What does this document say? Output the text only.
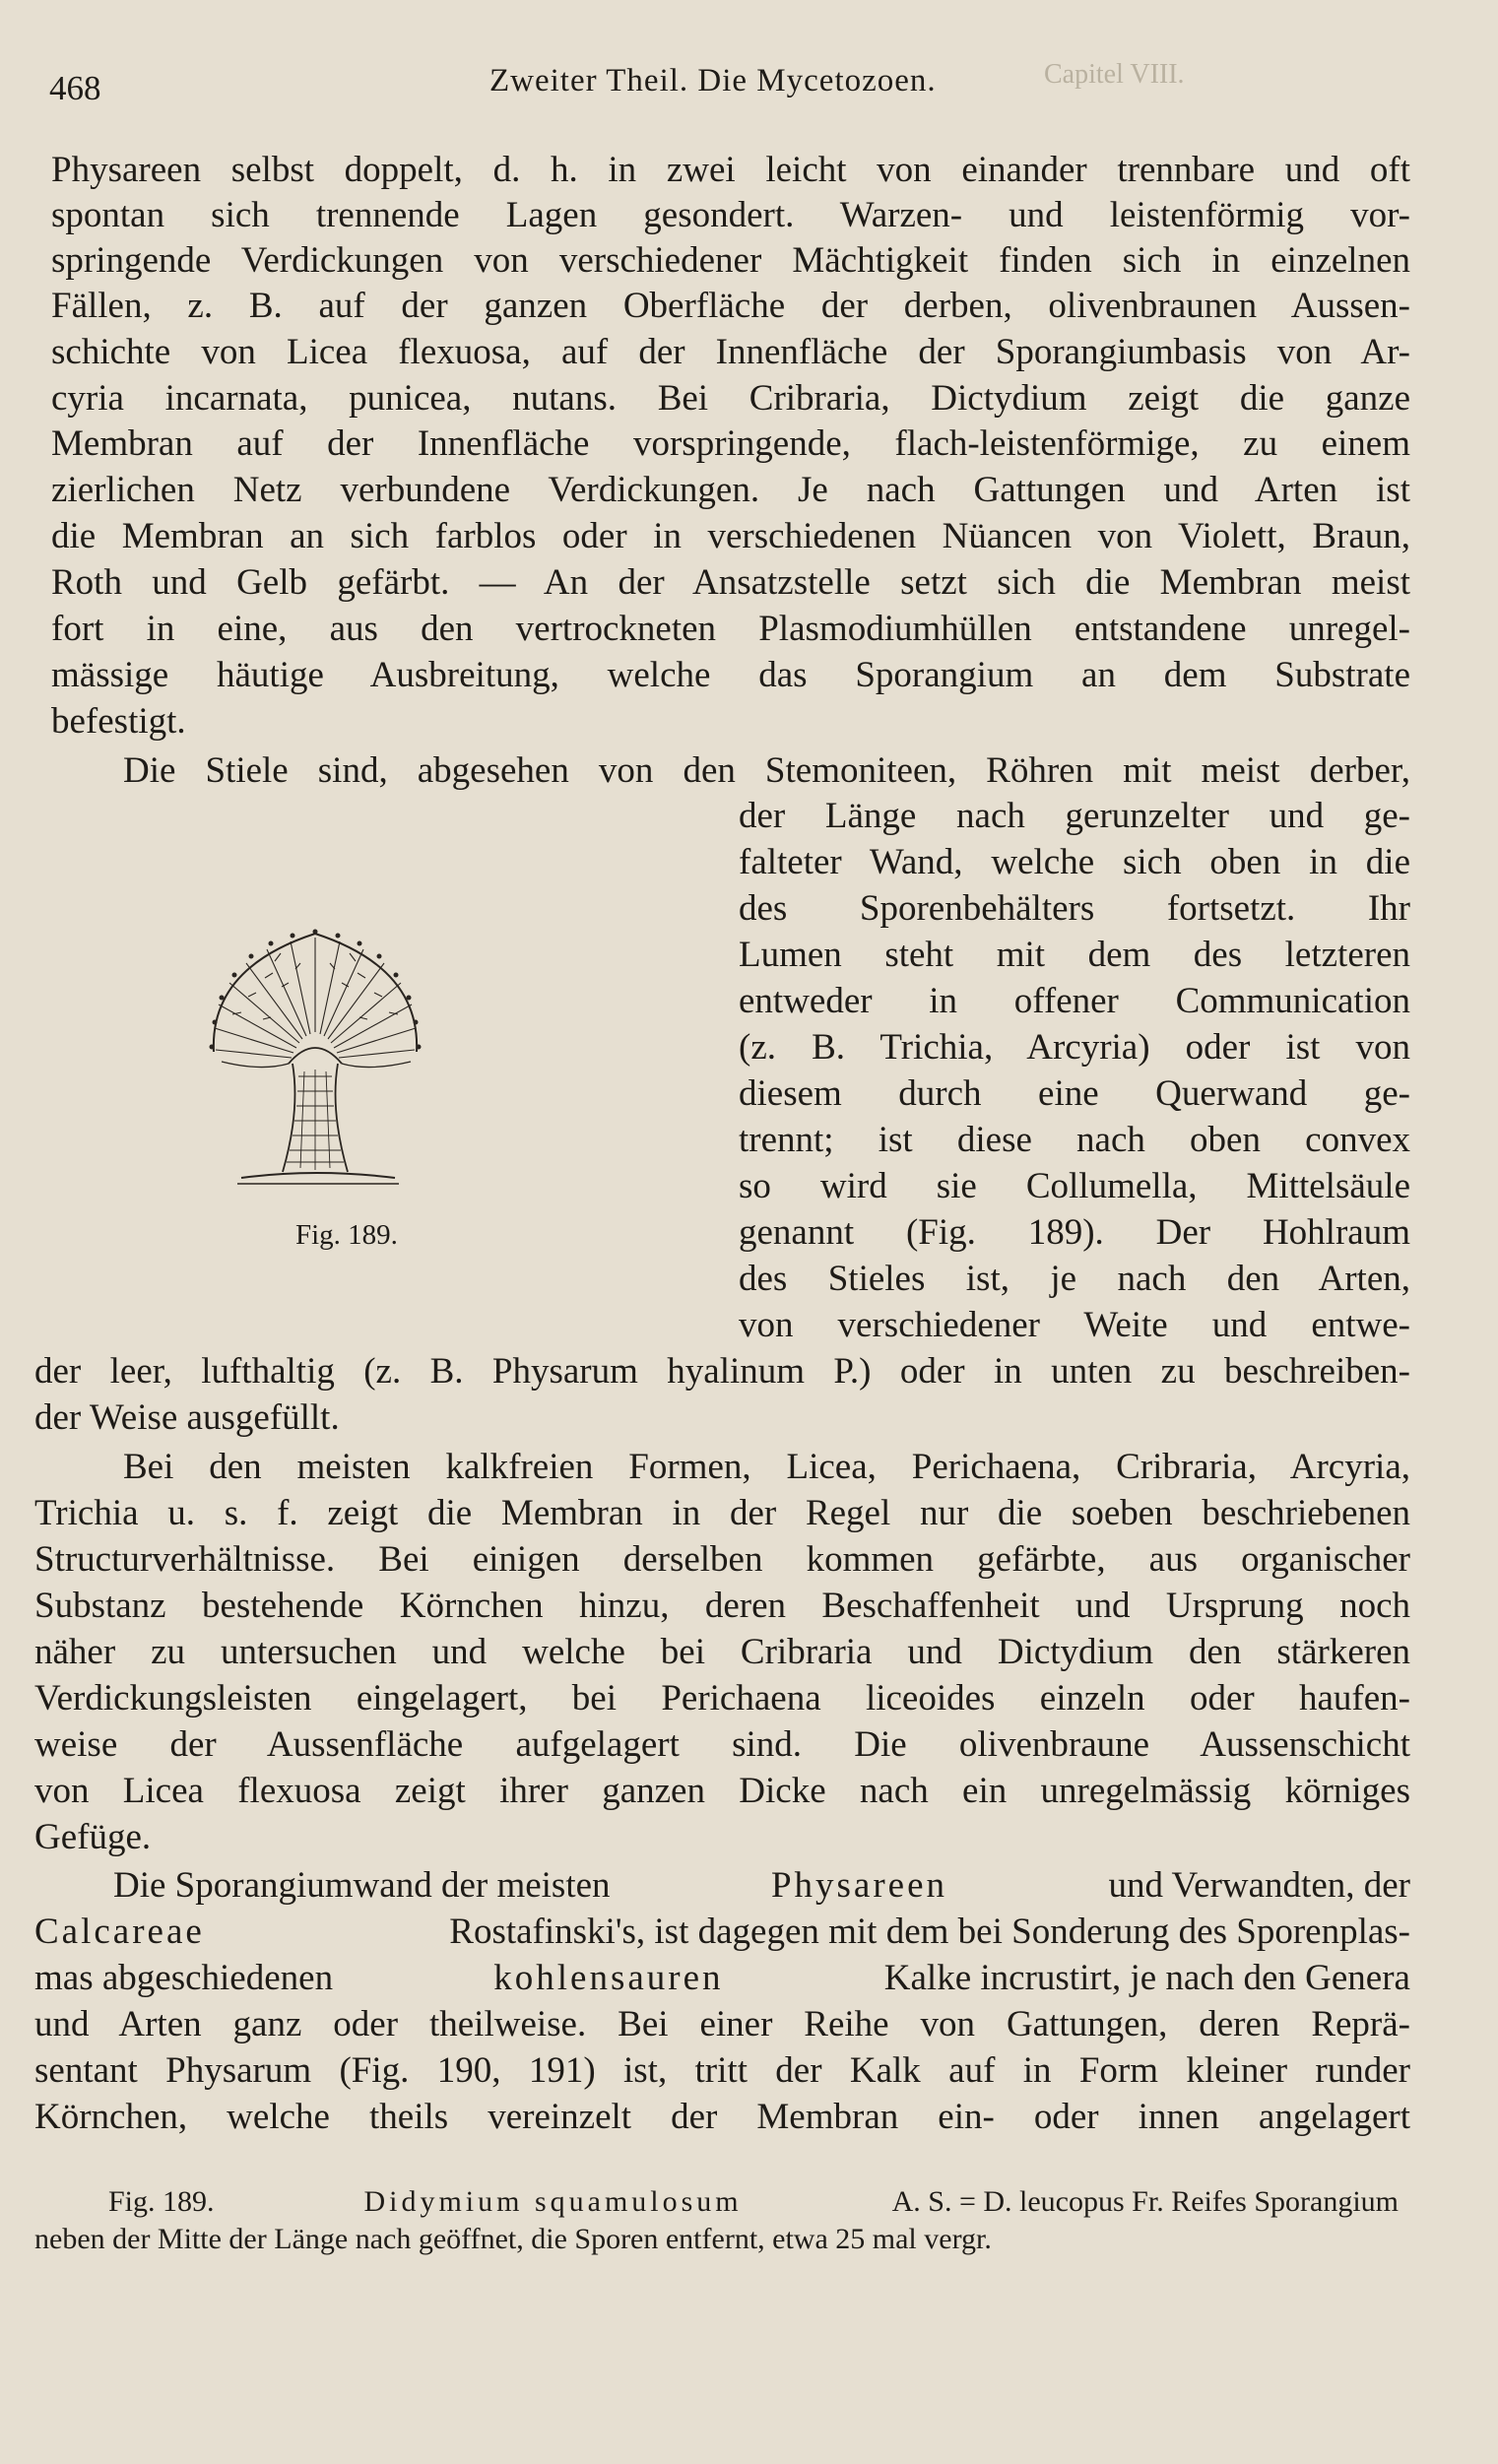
468	Zweiter Theil. Die Mycetozoen.	Capitel VIII.
Physareen selbst doppelt, d. h. in zwei leicht von einander trennbare und oft
spontan sich trennende Lagen gesondert. Warzen- und leistenförmig vor-
springende Verdickungen von verschiedener Mächtigkeit finden sich in einzelnen
Fällen, z. B. auf der ganzen Oberfläche der derben, olivenbraunen Aussen-
schichte von Licea flexuosa, auf der Innenfläche der Sporangiumbasis von Ar-
cyria incarnata, punicea, nutans. Bei Cribraria, Dictydium zeigt die ganze
Membran auf der Innenfläche vorspringende, flach-leistenförmige, zu einem
zierlichen Netz verbundene Verdickungen. Je nach Gattungen und Arten ist
die Membran an sich farblos oder in verschiedenen Nüancen von Violett, Braun,
Roth und Gelb gefärbt. — An der Ansatzstelle setzt sich die Membran meist
fort in eine, aus den vertrockneten Plasmodiumhüllen entstandene unregel-
mässige häutige Ausbreitung, welche das Sporangium an dem Substrate
befestigt.
Die Stiele sind, abgesehen von den Stemoniteen, Röhren mit meist derber,
der Länge nach gerunzelter und ge-
falteter Wand, welche sich oben in die
des Sporenbehälters fortsetzt. Ihr
Lumen steht mit dem des letzteren
entweder in offener Communication
(z. B. Trichia, Arcyria) oder ist von
diesem durch eine Querwand ge-
trennt; ist diese nach oben convex
so wird sie Collumella, Mittelsäule
genannt (Fig. 189). Der Hohlraum
des Stieles ist, je nach den Arten,
von verschiedener Weite und entwe-
der leer, lufthaltig (z. B. Physarum hyalinum P.) oder in unten zu beschreiben-
der Weise ausgefüllt.
Fig. 189.
Bei den meisten kalkfreien Formen, Licea, Perichaena, Cribraria, Arcyria,
Trichia u. s. f. zeigt die Membran in der Regel nur die soeben beschriebenen
Structurverhältnisse. Bei einigen derselben kommen gefärbte, aus organischer
Substanz bestehende Körnchen hinzu, deren Beschaffenheit und Ursprung noch
näher zu untersuchen und welche bei Cribraria und Dictydium den stärkeren
Verdickungsleisten eingelagert, bei Perichaena liceoides einzeln oder haufen-
weise der Aussenfläche aufgelagert sind. Die olivenbraune Aussenschicht
von Licea flexuosa zeigt ihrer ganzen Dicke nach ein unregelmässig körniges
Gefüge.
Die Sporangiumwand der meisten	Physareen	und Verwandten, der
Calcareae	Rostafinski's, ist dagegen mit dem bei Sonderung des Sporenplas-
mas abgeschiedenen	kohlensauren	Kalke incrustirt, je nach den Genera
und Arten ganz oder theilweise. Bei einer Reihe von Gattungen, deren Reprä-
sentant Physarum (Fig. 190, 191) ist, tritt der Kalk auf in Form kleiner runder
Körnchen, welche theils vereinzelt der Membran ein- oder innen angelagert
Fig. 189.	Didymium squamulosum	A. S. = D. leucopus Fr. Reifes Sporangium
neben der Mitte der Länge nach geöffnet, die Sporen entfernt, etwa 25 mal vergr.
